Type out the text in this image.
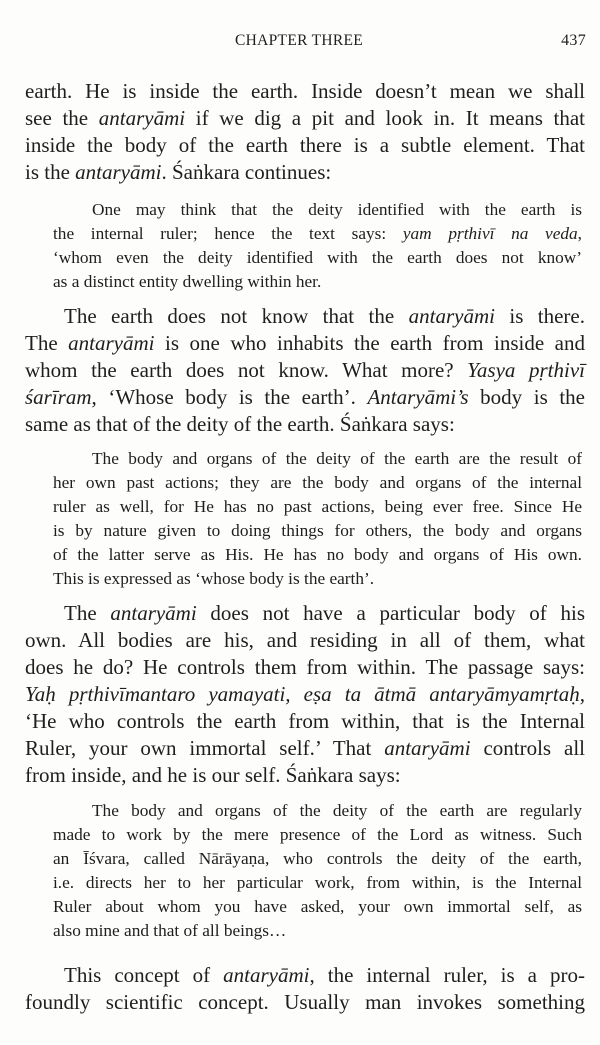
CHAPTER THREE	437
earth. He is inside the earth. Inside doesn’t mean we shall
see the antaryāmi if we dig a pit and look in. It means that
inside the body of the earth there is a subtle element. That
is the antaryāmi. Śaṅkara continues:
One may think that the deity identified with the earth is
the internal ruler; hence the text says: yam pṛthivī na veda,
‘whom even the deity identified with the earth does not know’
as a distinct entity dwelling within her.
The earth does not know that the antaryāmi is there.
The antaryāmi is one who inhabits the earth from inside and
whom the earth does not know. What more? Yasya pṛthivī
śarīram, ‘Whose body is the earth’. Antaryāmi’s body is the
same as that of the deity of the earth. Śaṅkara says:
The body and organs of the deity of the earth are the result of
her own past actions; they are the body and organs of the internal
ruler as well, for He has no past actions, being ever free. Since He
is by nature given to doing things for others, the body and organs
of the latter serve as His. He has no body and organs of His own.
This is expressed as ‘whose body is the earth’.
The antaryāmi does not have a particular body of his
own. All bodies are his, and residing in all of them, what
does he do? He controls them from within. The passage says:
Yaḥ pṛthivīmantaro yamayati, eṣa ta ātmā antaryāmyamṛtaḥ,
‘He who controls the earth from within, that is the Internal
Ruler, your own immortal self.’ That antaryāmi controls all
from inside, and he is our self. Śaṅkara says:
The body and organs of the deity of the earth are regularly
made to work by the mere presence of the Lord as witness. Such
an Īśvara, called Nārāyaṇa, who controls the deity of the earth,
i.e. directs her to her particular work, from within, is the Internal
Ruler about whom you have asked, your own immortal self, as
also mine and that of all beings…
This concept of antaryāmi, the internal ruler, is a pro-
foundly scientific concept. Usually man invokes something
